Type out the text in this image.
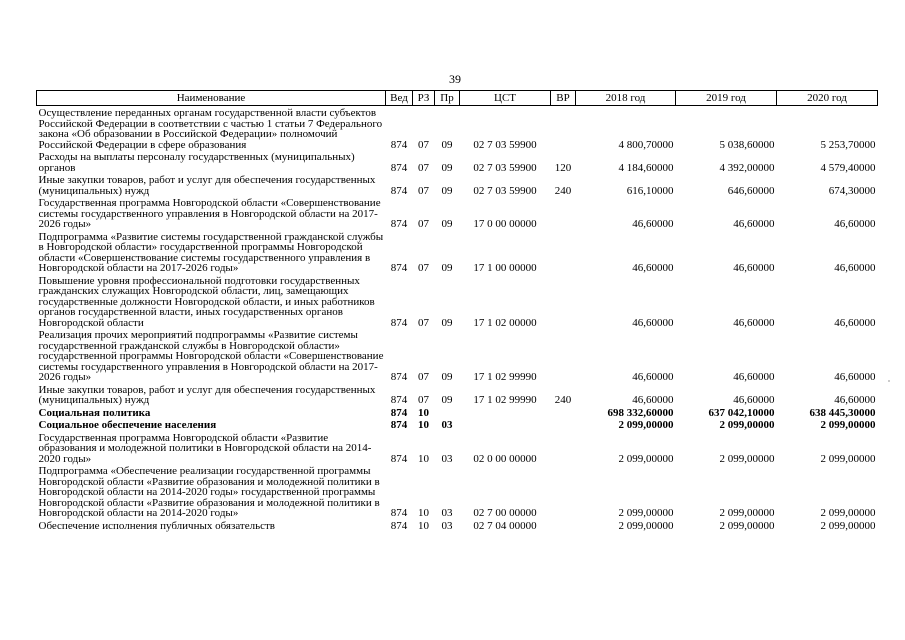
39
Наименование	Вед	РЗ	Пр	ЦСТ	ВР	2018 год	2019 год	2020 год
Осуществление переданных органам государственной власти субъектов Российской Федерации в соответствии с частью 1 статьи 7 Федерального закона «Об образовании в Российской Федерации» полномочий Российской Федерации в сфере образования	874	07	09	02 7 03 59900		4 800,70000	5 038,60000	5 253,70000
Расходы на выплаты персоналу государственных (муниципальных) органов	874	07	09	02 7 03 59900	120	4 184,60000	4 392,00000	4 579,40000
Иные закупки товаров, работ и услуг для обеспечения государственных (муниципальных) нужд	874	07	09	02 7 03 59900	240	616,10000	646,60000	674,30000
Государственная программа Новгородской области «Совершенствование системы государственного управления в Новгородской области на 2017-2026 годы»	874	07	09	17 0 00 00000		46,60000	46,60000	46,60000
Подпрограмма «Развитие системы государственной гражданской службы в Новгородской области» государственной программы Новгородской области «Совершенствование системы государственного управления в Новгородской области на 2017-2026 годы»	874	07	09	17 1 00 00000		46,60000	46,60000	46,60000
Повышение уровня профессиональной подготовки государственных гражданских служащих Новгородской области, лиц, замещающих государственные должности Новгородской области, и иных работников органов государственной власти, иных государственных органов Новгородской области	874	07	09	17 1 02 00000		46,60000	46,60000	46,60000
Реализация прочих мероприятий подпрограммы «Развитие системы государственной гражданской службы в Новгородской области» государственной программы Новгородской области «Совершенствование системы государственного управления в Новгородской области на 2017-2026 годы»	874	07	09	17 1 02 99990		46,60000	46,60000	46,60000
Иные закупки товаров, работ и услуг для обеспечения государственных (муниципальных) нужд	874	07	09	17 1 02 99990	240	46,60000	46,60000	46,60000
Социальная политика	874	10				698 332,60000	637 042,10000	638 445,30000
Социальное обеспечение населения	874	10	03			2 099,00000	2 099,00000	2 099,00000
Государственная программа Новгородской области «Развитие образования и молодежной политики в Новгородской области на 2014-2020 годы»	874	10	03	02 0 00 00000		2 099,00000	2 099,00000	2 099,00000
Подпрограмма «Обеспечение реализации государственной программы Новгородской области «Развитие образования и молодежной политики в Новгородской области на 2014-2020 годы» государственной программы Новгородской области «Развитие образования и молодежной политики в Новгородской области на 2014-2020 годы»	874	10	03	02 7 00 00000		2 099,00000	2 099,00000	2 099,00000
Обеспечение исполнения публичных обязательств	874	10	03	02 7 04 00000		2 099,00000	2 099,00000	2 099,00000
